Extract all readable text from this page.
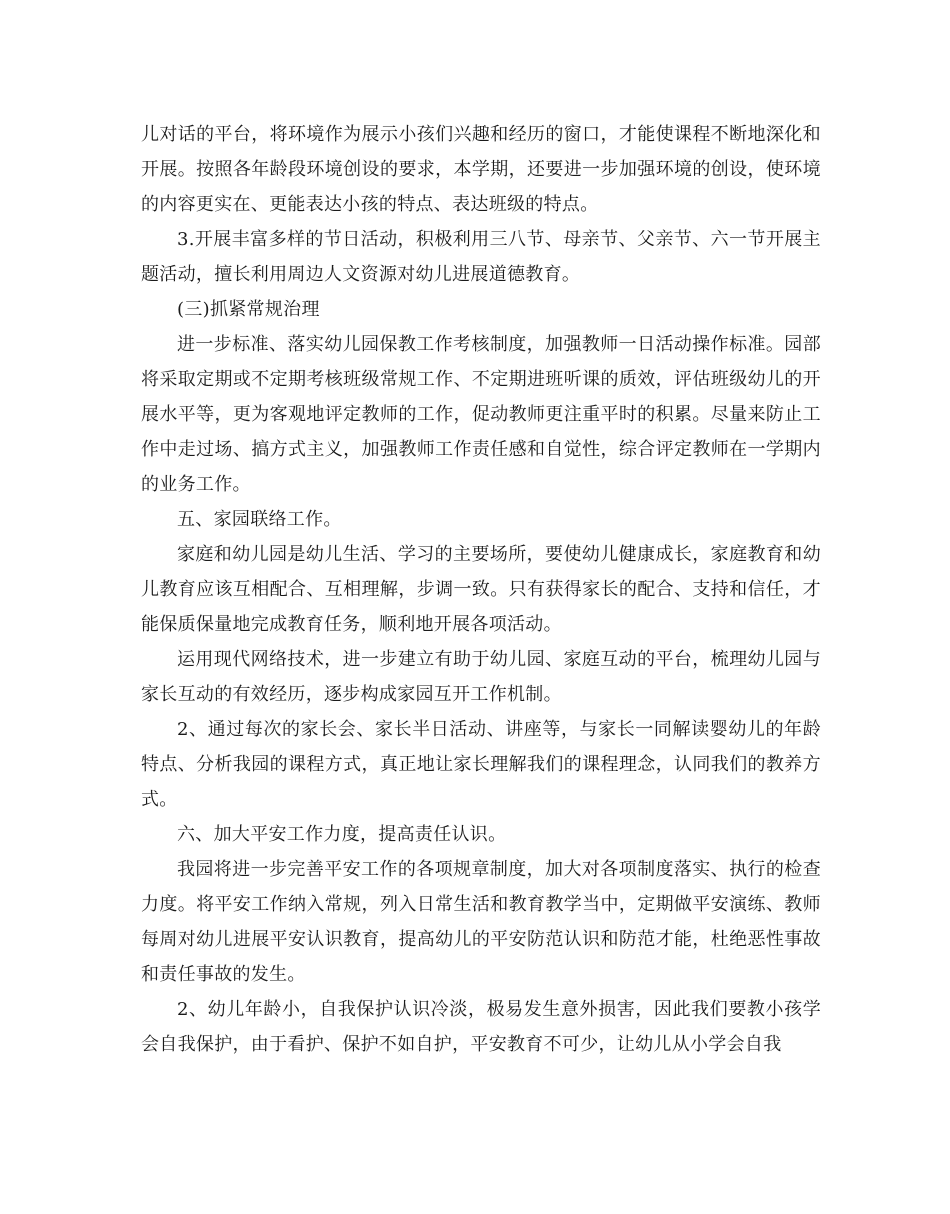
儿对话的平台，将环境作为展示小孩们兴趣和经历的窗口，才能使课程不断地深化和开展。按照各年龄段环境创设的要求，本学期，还要进一步加强环境的创设，使环境的内容更实在、更能表达小孩的特点、表达班级的特点。

3.开展丰富多样的节日活动，积极利用三八节、母亲节、父亲节、六一节开展主题活动，擅长利用周边人文资源对幼儿进展道德教育。

(三)抓紧常规治理

进一步标准、落实幼儿园保教工作考核制度，加强教师一日活动操作标准。园部将采取定期或不定期考核班级常规工作、不定期进班听课的质效，评估班级幼儿的开展水平等，更为客观地评定教师的工作，促动教师更注重平时的积累。尽量来防止工作中走过场、搞方式主义，加强教师工作责任感和自觉性，综合评定教师在一学期内的业务工作。

五、家园联络工作。

家庭和幼儿园是幼儿生活、学习的主要场所，要使幼儿健康成长，家庭教育和幼儿教育应该互相配合、互相理解，步调一致。只有获得家长的配合、支持和信任，才能保质保量地完成教育任务，顺利地开展各项活动。

运用现代网络技术，进一步建立有助于幼儿园、家庭互动的平台，梳理幼儿园与家长互动的有效经历，逐步构成家园互开工作机制。

2、通过每次的家长会、家长半日活动、讲座等，与家长一同解读婴幼儿的年龄特点、分析我园的课程方式，真正地让家长理解我们的课程理念，认同我们的教养方式。

六、加大平安工作力度，提高责任认识。

我园将进一步完善平安工作的各项规章制度，加大对各项制度落实、执行的检查力度。将平安工作纳入常规，列入日常生活和教育教学当中，定期做平安演练、教师每周对幼儿进展平安认识教育，提高幼儿的平安防范认识和防范才能，杜绝恶性事故和责任事故的发生。

2、幼儿年龄小，自我保护认识冷淡，极易发生意外损害，因此我们要教小孩学会自我保护，由于看护、保护不如自护，平安教育不可少，让幼儿从小学会自我
